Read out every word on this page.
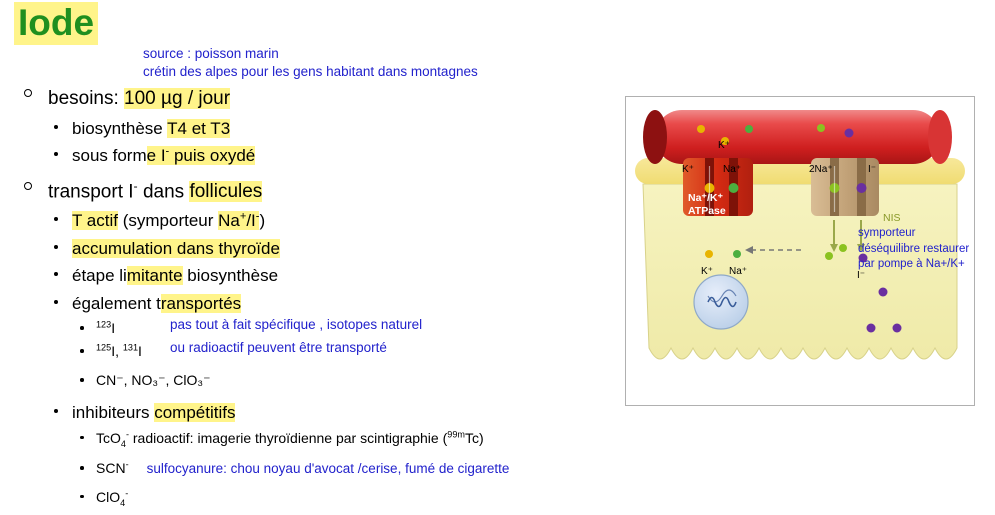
Iode
source : poisson marin
crétin des alpes pour les gens habitant dans montagnes
besoins: 100 µg / jour
biosynthèse T4 et T3
sous forme I- puis oxydé
transport I- dans follicules
T actif (symporteur Na+/I-)
accumulation dans thyroïde
étape limitante biosynthèse
également transportés
$^{123}$I	pas tout à fait spécifique , isotopes naturel
$^{125}$I, $^{131}$I ou radioactif peuvent être transporté
CN⁻, NO₃⁻, ClO₃⁻
inhibiteurs compétitifs
TcO$_4$- radioactif: imagerie thyroïdienne par scintigraphie ($^{99m}$Tc)
SCN- sulfocyanure: chou noyau d'avocat /cerise, fumé de cigarette
ClO$_4$-
K⁺
K⁺	Na⁺	2Na⁺	I⁻
Na⁺/K⁺
ATPase
NIS
K⁺ Na⁺	I⁻
symporteur
déséquilibre restaurer
par pompe à Na+/K+
